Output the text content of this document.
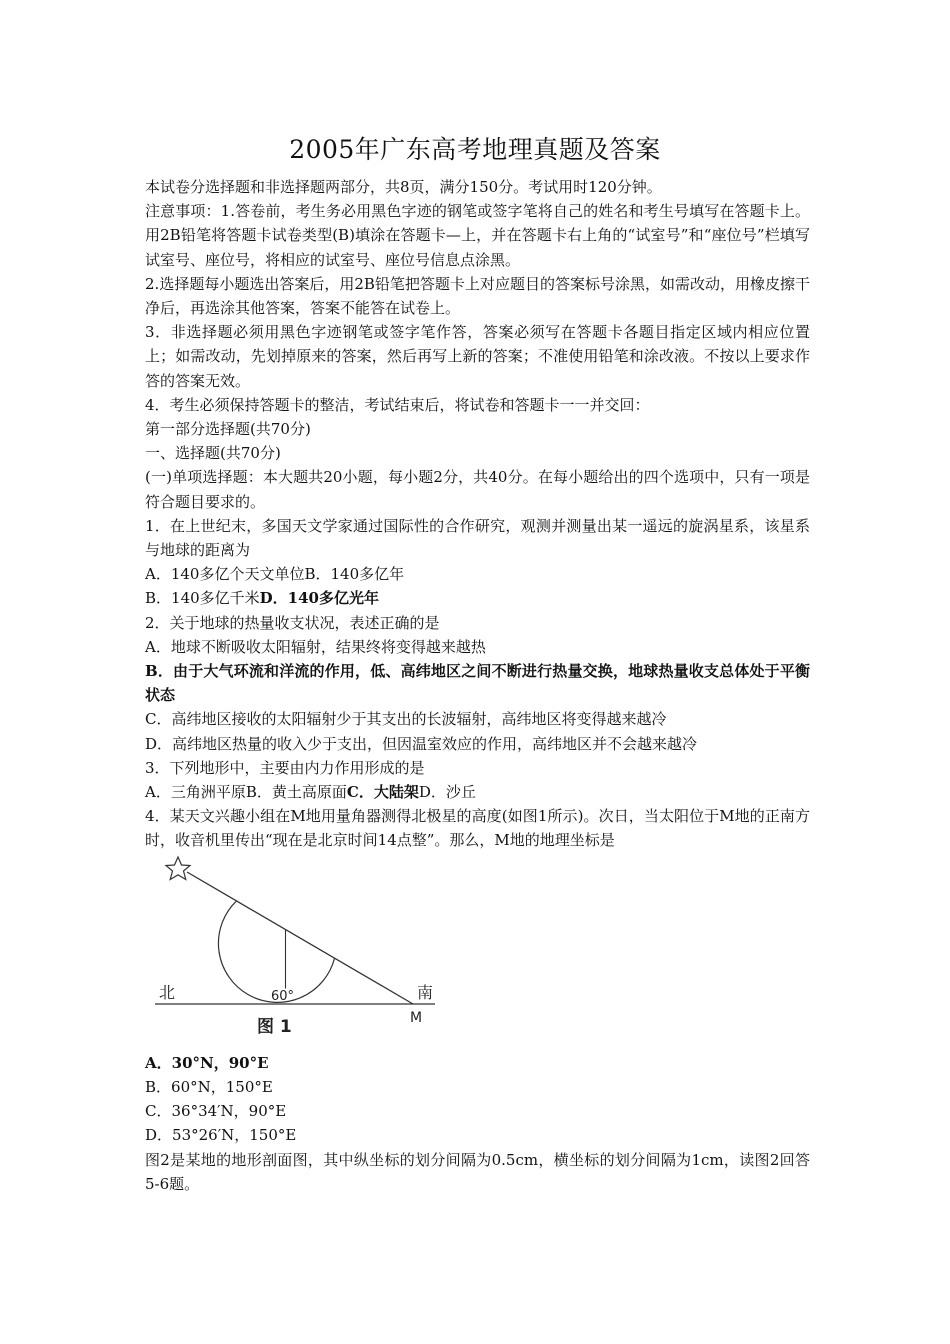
2005年广东高考地理真题及答案

本试卷分选择题和非选择题两部分，共8页，满分150分。考试用时120分钟。

注意事项：1.答卷前，考生务必用黑色字迹的钢笔或签字笔将自己的姓名和考生号填写在答题卡上。用2B铅笔将答题卡试卷类型(B)填涂在答题卡—上，并在答题卡右上角的“试室号”和“座位号”栏填写试室号、座位号，将相应的试室号、座位号信息点涂黑。

2.选择题每小题选出答案后，用2B铅笔把答题卡上对应题目的答案标号涂黑，如需改动，用橡皮擦干净后，再选涂其他答案，答案不能答在试卷上。

3．非选择题必须用黑色字迹钢笔或签字笔作答，答案必须写在答题卡各题目指定区域内相应位置上；如需改动，先划掉原来的答案，然后再写上新的答案；不准使用铅笔和涂改液。不按以上要求作答的答案无效。

4．考生必须保持答题卡的整洁，考试结束后，将试卷和答题卡一一并交回：

第一部分选择题(共70分)

一、选择题(共70分)

(一)单项选择题：本大题共20小题，每小题2分，共40分。在每小题给出的四个选项中，只有一项是符合题目要求的。

1．在上世纪末，多国天文学家通过国际性的合作研究，观测并测量出某一遥远的旋涡星系，该星系与地球的距离为

A．140多亿个天文单位B．140多亿年

B．140多亿千米D．140多亿光年

2．关于地球的热量收支状况，表述正确的是

A．地球不断吸收太阳辐射，结果终将变得越来越热

B．由于大气环流和洋流的作用，低、高纬地区之间不断进行热量交换，地球热量收支总体处于平衡状态

C．高纬地区接收的太阳辐射少于其支出的长波辐射，高纬地区将变得越来越冷

D．高纬地区热量的收入少于支出，但因温室效应的作用，高纬地区并不会越来越冷

3．下列地形中，主要由内力作用形成的是

A．三角洲平原B．黄土高原面C．大陆架D．沙丘

4．某天文兴趣小组在M地用量角器测得北极星的高度(如图1所示)。次日，当太阳位于M地的正南方时，收音机里传出“现在是北京时间14点整”。那么，M地的地理坐标是

北	南
60°
M
图 1

A．30°N，90°E

B．60°N，150°E

C．36°34′N，90°E

D．53°26′N，150°E

图2是某地的地形剖面图，其中纵坐标的划分间隔为0.5cm，横坐标的划分间隔为1cm，读图2回答5-6题。
